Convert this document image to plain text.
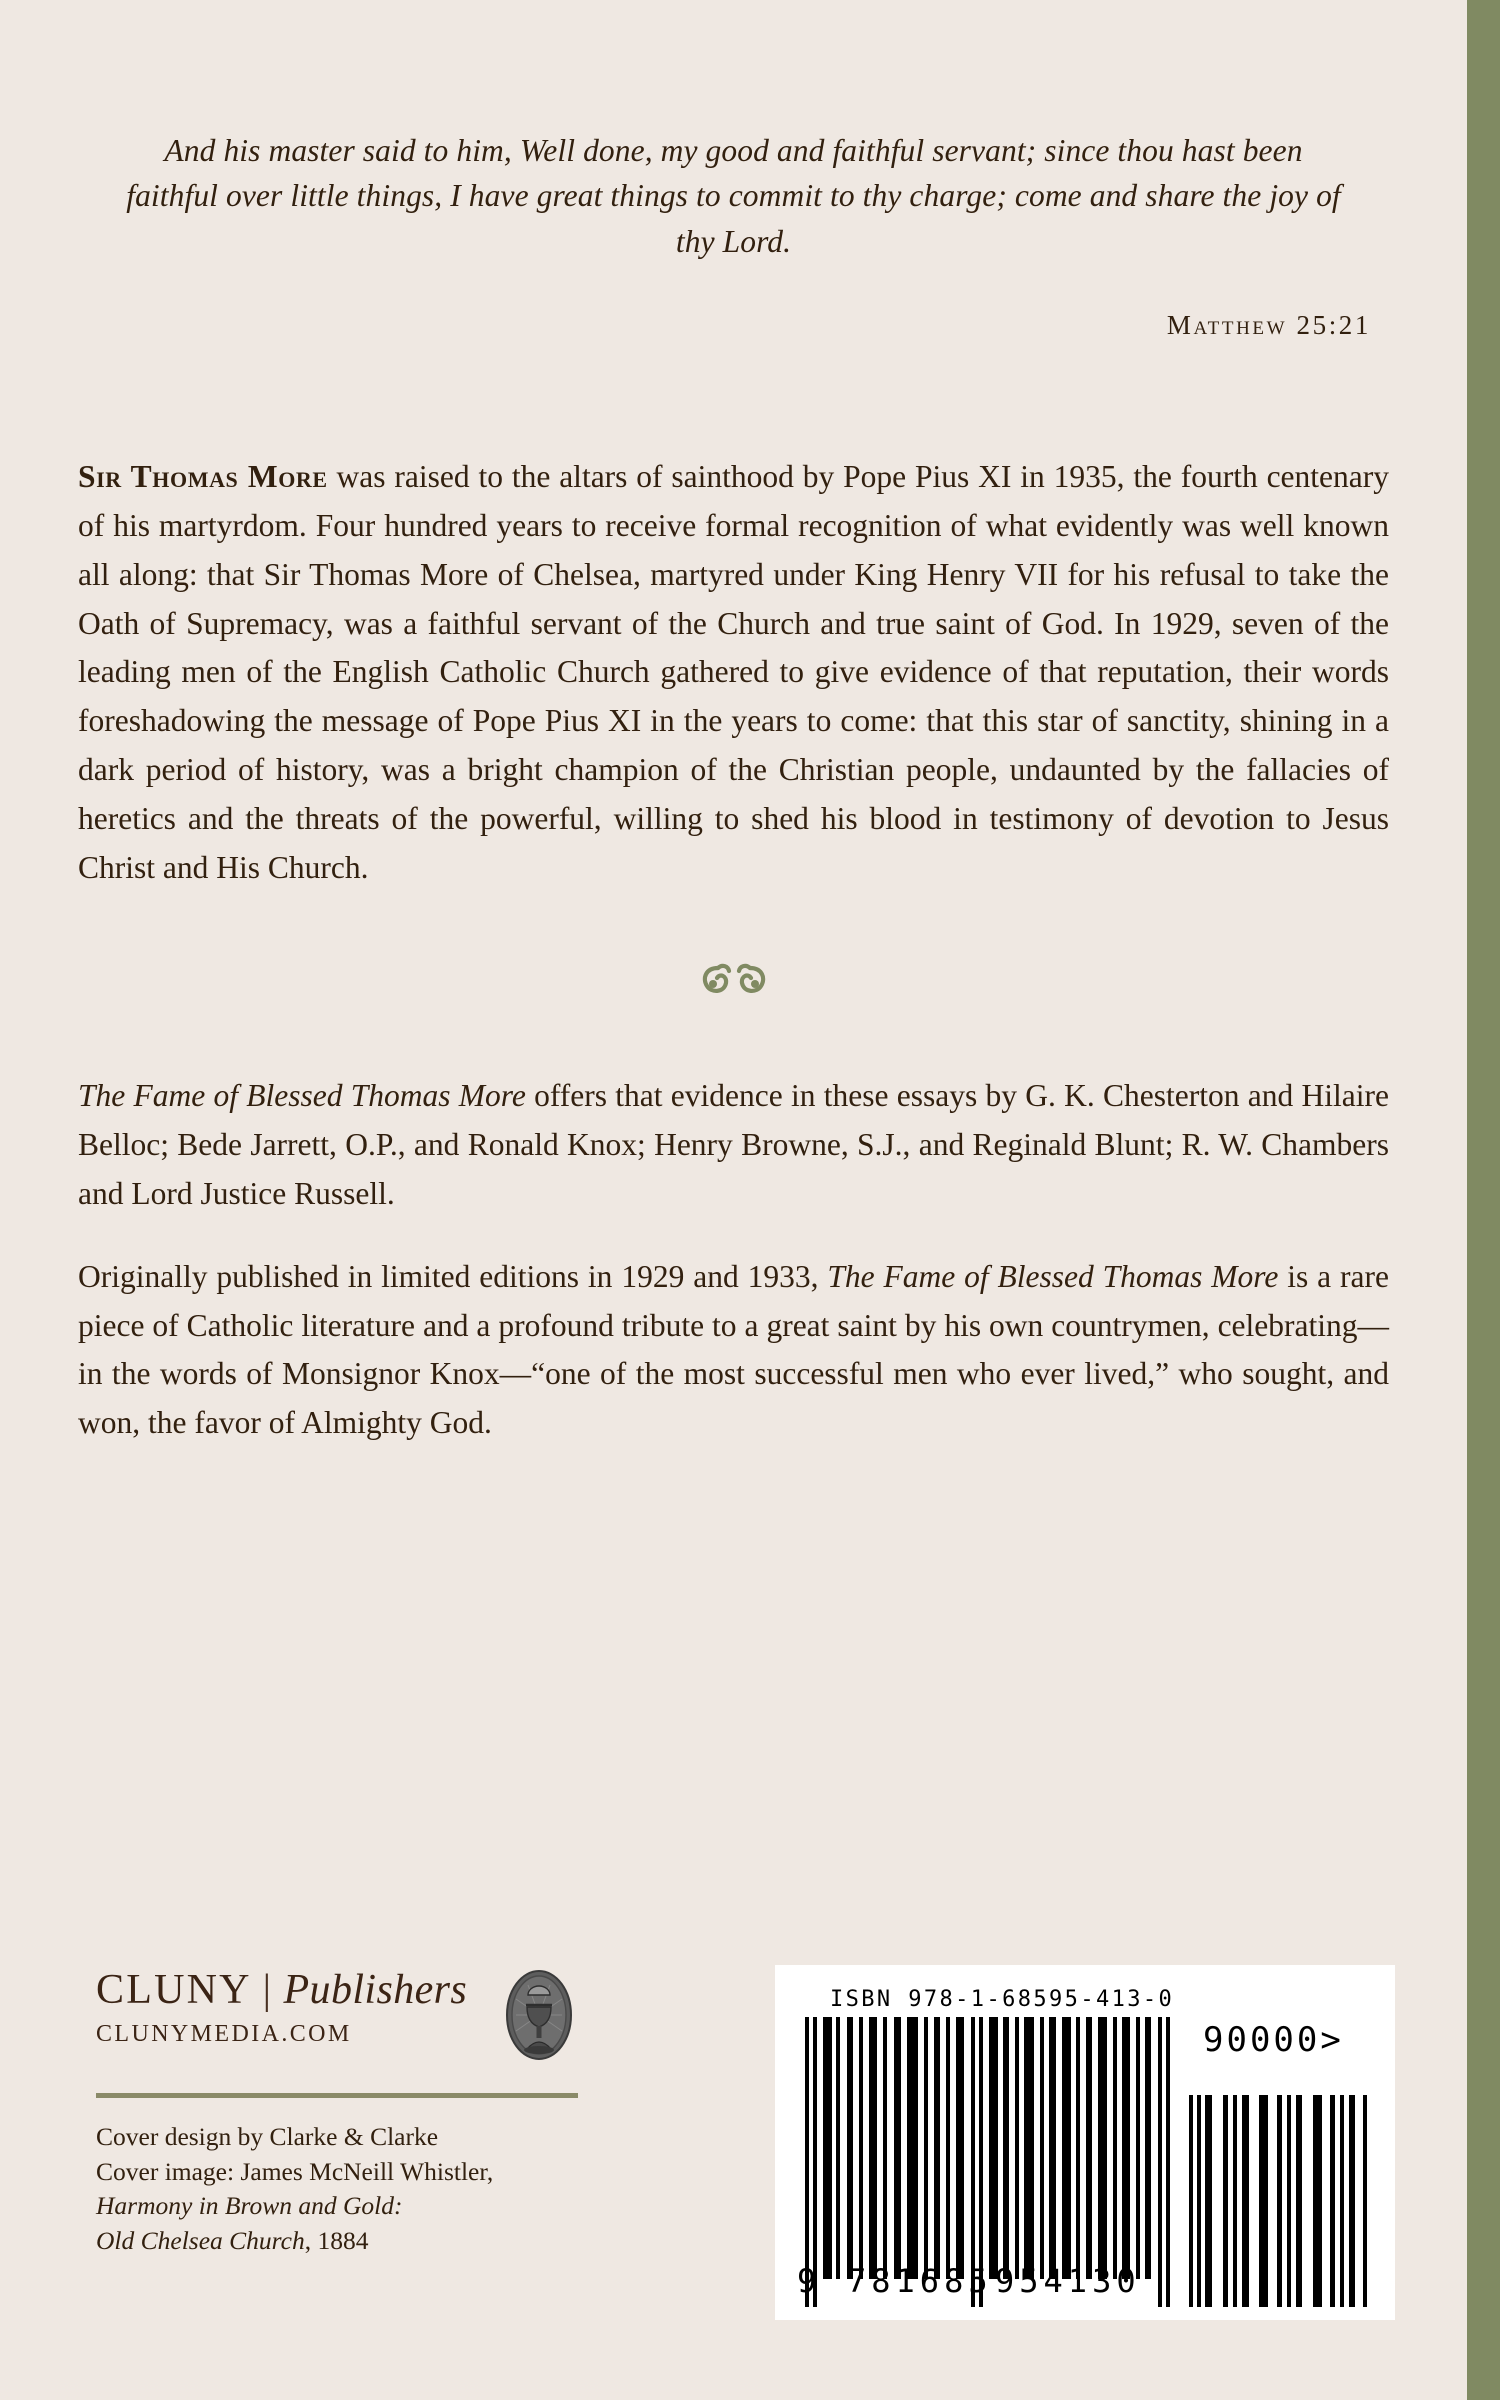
And his master said to him, Well done, my good and faithful servant; since thou hast been faithful over little things, I have great things to commit to thy charge; come and share the joy of thy Lord.
Matthew 25:21

Sir Thomas More was raised to the altars of sainthood by Pope Pius XI in 1935, the fourth centenary of his martyrdom. Four hundred years to receive formal recognition of what evidently was well known all along: that Sir Thomas More of Chelsea, martyred under King Henry VII for his refusal to take the Oath of Supremacy, was a faithful servant of the Church and true saint of God. In 1929, seven of the leading men of the English Catholic Church gathered to give evidence of that reputation, their words foreshadowing the message of Pope Pius XI in the years to come: that this star of sanctity, shining in a dark period of history, was a bright champion of the Christian people, undaunted by the fallacies of heretics and the threats of the powerful, willing to shed his blood in testimony of devotion to Jesus Christ and His Church.

The Fame of Blessed Thomas More offers that evidence in these essays by G. K. Chesterton and Hilaire Belloc; Bede Jarrett, O.P., and Ronald Knox; Henry Browne, S.J., and Reginald Blunt; R. W. Chambers and Lord Justice Russell.

Originally published in limited editions in 1929 and 1933, The Fame of Blessed Thomas More is a rare piece of Catholic literature and a profound tribute to a great saint by his own countrymen, celebrating—in the words of Monsignor Knox—“one of the most successful men who ever lived,” who sought, and won, the favor of Almighty God.

CLUNY | Publishers
CLUNYMEDIA.COM
Cover design by Clarke & Clarke
Cover image: James McNeill Whistler,
Harmony in Brown and Gold:
Old Chelsea Church, 1884
ISBN 978-1-68595-413-0
90000>
9 781685 954130
